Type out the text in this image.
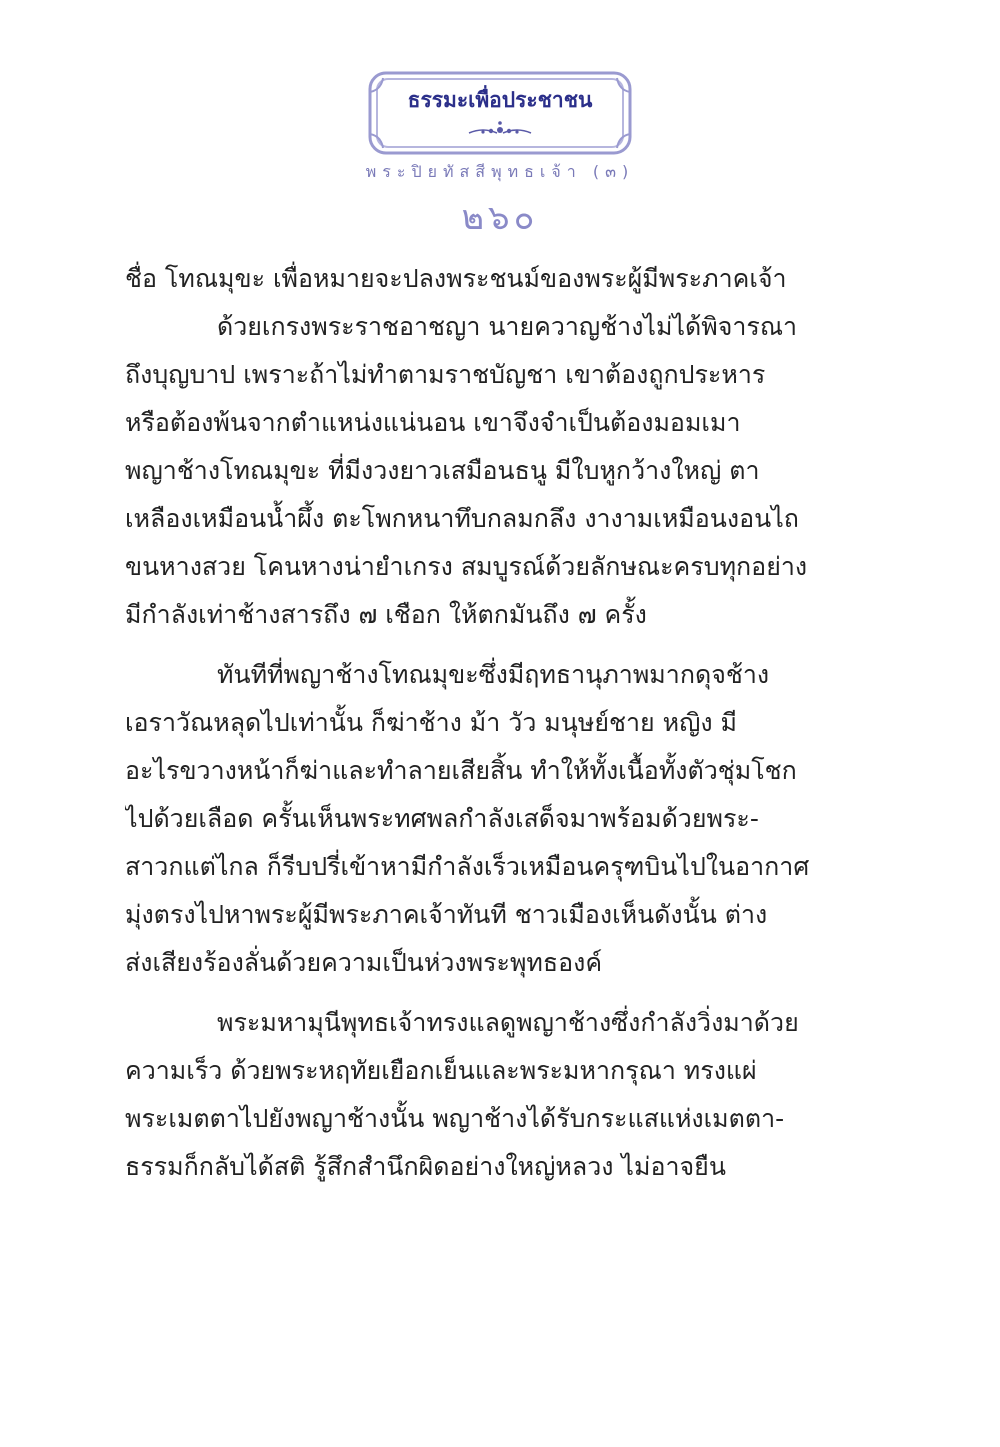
ธรรมะเพื่อประชาชน
พระปิยทัสสีพุทธเจ้า (๓)
๒๖๐
ชื่อ โทณมุขะ เพื่อหมายจะปลงพระชนม์ของพระผู้มีพระภาคเจ้า
ด้วยเกรงพระราชอาชญา นายควาญช้างไม่ได้พิจารณา
ถึงบุญบาป เพราะถ้าไม่ทำตามราชบัญชา เขาต้องถูกประหาร
หรือต้องพ้นจากตำแหน่งแน่นอน เขาจึงจำเป็นต้องมอมเมา
พญาช้างโทณมุขะ ที่มีงวงยาวเสมือนธนู มีใบหูกว้างใหญ่ ตา
เหลืองเหมือนน้ำผึ้ง ตะโพกหนาทึบกลมกลึง งางามเหมือนงอนไถ
ขนหางสวย โคนหางน่ายำเกรง สมบูรณ์ด้วยลักษณะครบทุกอย่าง
มีกำลังเท่าช้างสารถึง ๗ เชือก ให้ตกมันถึง ๗ ครั้ง
ทันทีที่พญาช้างโทณมุขะซึ่งมีฤทธานุภาพมากดุจช้าง
เอราวัณหลุดไปเท่านั้น ก็ฆ่าช้าง ม้า วัว มนุษย์ชาย หญิง มี
อะไรขวางหน้าก็ฆ่าและทำลายเสียสิ้น ทำให้ทั้งเนื้อทั้งตัวชุ่มโชก
ไปด้วยเลือด ครั้นเห็นพระทศพลกำลังเสด็จมาพร้อมด้วยพระ-
สาวกแต่ไกล ก็รีบปรี่เข้าหามีกำลังเร็วเหมือนครุฑบินไปในอากาศ
มุ่งตรงไปหาพระผู้มีพระภาคเจ้าทันที ชาวเมืองเห็นดังนั้น ต่าง
ส่งเสียงร้องลั่นด้วยความเป็นห่วงพระพุทธองค์
พระมหามุนีพุทธเจ้าทรงแลดูพญาช้างซึ่งกำลังวิ่งมาด้วย
ความเร็ว ด้วยพระหฤทัยเยือกเย็นและพระมหากรุณา ทรงแผ่
พระเมตตาไปยังพญาช้างนั้น พญาช้างได้รับกระแสแห่งเมตตา-
ธรรมก็กลับได้สติ รู้สึกสำนึกผิดอย่างใหญ่หลวง ไม่อาจยืน
